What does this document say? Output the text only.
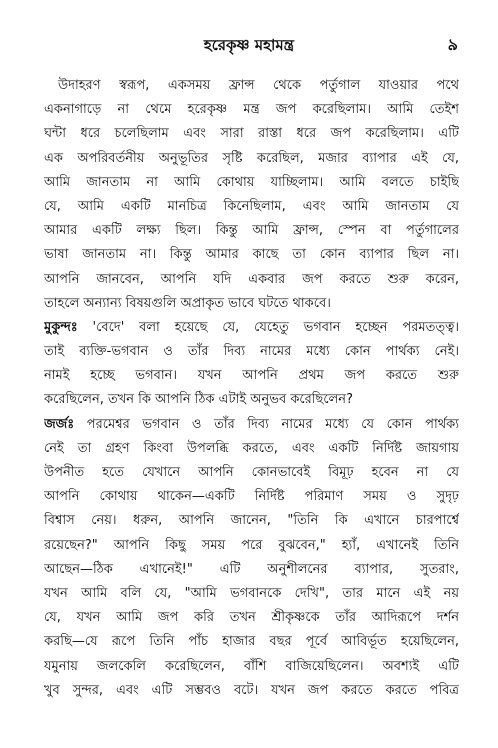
হরেকৃষ্ণ মহামন্ত্র	৯
উদাহরণ স্বরূপ, একসময় ফ্রান্স থেকে পর্তুগাল যাওয়ার পথে
একনাগাড়ে না থেমে হরেকৃষ্ণ মন্ত্র জপ করেছিলাম। আমি তেইশ
ঘন্টা ধরে চলেছিলাম এবং সারা রাস্তা ধরে জপ করেছিলাম। এটি
এক অপরিবর্তনীয় অনুভূতির সৃষ্টি করেছিল, মজার ব্যাপার এই যে,
আমি জানতাম না আমি কোথায় যাচ্ছিলাম। আমি বলতে চাইছি
যে, আমি একটি মানচিত্র কিনেছিলাম, এবং আমি জানতাম যে
আমার একটি লক্ষ্য ছিল। কিন্তু আমি ফ্রান্স, স্পেন বা পর্তুগালের
ভাষা জানতাম না। কিন্তু আমার কাছে তা কোন ব্যাপার ছিল না।
আপনি জানবেন, আপনি যদি একবার জপ করতে শুরু করেন,
তাহলে অন্যান্য বিষয়গুলি অপ্রাকৃত ভাবে ঘটতে থাকবে।
মুকুন্দঃ 'বেদে' বলা হয়েছে যে, যেহেতু ভগবান হচ্ছেন পরমতত্ত্ব।
তাই ব্যক্তি-ভগবান ও তাঁর দিব্য নামের মধ্যে কোন পার্থক্য নেই।
নামই হচ্ছে ভগবান। যখন আপনি প্রথম জপ করতে শুরু
করেছিলেন, তখন কি আপনি ঠিক এটাই অনুভব করেছিলেন?
জর্জঃ পরমেশ্বর ভগবান ও তাঁর দিব্য নামের মধ্যে যে কোন পার্থক্য
নেই তা গ্রহণ কিংবা উপলব্ধি করতে, এবং একটি নির্দিষ্ট জায়গায়
উপনীত হতে যেখানে আপনি কোনভাবেই বিমূঢ় হবেন না যে
আপনি কোথায় থাকেন—একটি নির্দিষ্ট পরিমাণ সময় ও সুদৃঢ়
বিশ্বাস নেয়। ধরুন, আপনি জানেন, "তিনি কি এখানে চারপার্শ্বে
রয়েছেন?" আপনি কিছু সময় পরে বুঝবেন," হ্যাঁ, এখানেই তিনি
আছেন—ঠিক এখানেই!" এটি অনুশীলনের ব্যাপার, সুতরাং,
যখন আমি বলি যে, "আমি ভগবানকে দেখি", তার মানে এই নয়
যে, যখন আমি জপ করি তখন শ্রীকৃষ্ণকে তাঁর আদিরূপে দর্শন
করছি—যে রূপে তিনি পাঁচ হাজার বছর পূর্বে আবির্ভূত হয়েছিলেন,
যমুনায় জলকেলি করেছিলেন, বাঁশি বাজিয়েছিলেন। অবশ্যই এটি
খুব সুন্দর, এবং এটি সম্ভবও বটে। যখন জপ করতে করতে পবিত্র
